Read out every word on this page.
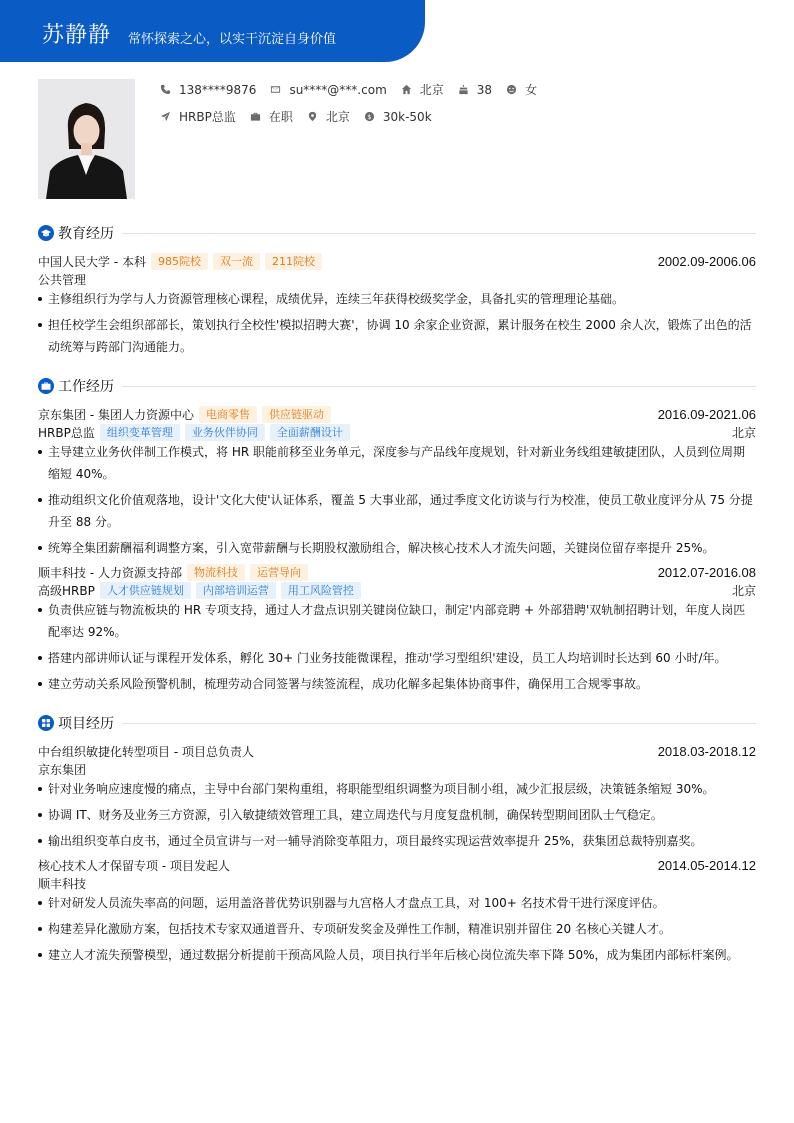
苏静静 常怀探索之心，以实干沉淀自身价值
138****9876	su****@***.com	北京	38	女
HRBP总监	在职	北京 $ 30k-50k
教育经历
中国人民大学 - 本科	985院校	双一流	211院校	2002.09-2006.06
公共管理
主修组织行为学与人力资源管理核心课程，成绩优异，连续三年获得校级奖学金，具备扎实的管理理论基础。
担任校学生会组织部部长，策划执行全校性'模拟招聘大赛'，协调 10 余家企业资源，累计服务在校生 2000 余人次，锻炼了出色的活动统筹与跨部门沟通能力。
工作经历
京东集团 - 集团人力资源中心	电商零售	供应链驱动	2016.09-2021.06
HRBP总监	组织变革管理	业务伙伴协同	全面薪酬设计	北京
主导建立业务伙伴制工作模式，将 HR 职能前移至业务单元，深度参与产品线年度规划，针对新业务线组建敏捷团队，人员到位周期缩短 40%。
推动组织文化价值观落地，设计'文化大使'认证体系，覆盖 5 大事业部，通过季度文化访谈与行为校准，使员工敬业度评分从 75 分提升至 88 分。
统筹全集团薪酬福利调整方案，引入宽带薪酬与长期股权激励组合，解决核心技术人才流失问题，关键岗位留存率提升 25%。
顺丰科技 - 人力资源支持部	物流科技	运营导向	2012.07-2016.08
高级HRBP	人才供应链规划	内部培训运营	用工风险管控	北京
负责供应链与物流板块的 HR 专项支持，通过人才盘点识别关键岗位缺口，制定'内部竞聘 + 外部猎聘'双轨制招聘计划，年度人岗匹配率达 92%。
搭建内部讲师认证与课程开发体系，孵化 30+ 门业务技能微课程，推动'学习型组织'建设，员工人均培训时长达到 60 小时/年。
建立劳动关系风险预警机制，梳理劳动合同签署与续签流程，成功化解多起集体协商事件，确保用工合规零事故。
项目经历
中台组织敏捷化转型项目 - 项目总负责人	2018.03-2018.12
京东集团
针对业务响应速度慢的痛点，主导中台部门架构重组，将职能型组织调整为项目制小组，减少汇报层级，决策链条缩短 30%。
协调 IT、财务及业务三方资源，引入敏捷绩效管理工具，建立周迭代与月度复盘机制，确保转型期间团队士气稳定。
输出组织变革白皮书，通过全员宣讲与一对一辅导消除变革阻力，项目最终实现运营效率提升 25%，获集团总裁特别嘉奖。
核心技术人才保留专项 - 项目发起人	2014.05-2014.12
顺丰科技
针对研发人员流失率高的问题，运用盖洛普优势识别器与九宫格人才盘点工具，对 100+ 名技术骨干进行深度评估。
构建差异化激励方案，包括技术专家双通道晋升、专项研发奖金及弹性工作制，精准识别并留住 20 名核心关键人才。
建立人才流失预警模型，通过数据分析提前干预高风险人员，项目执行半年后核心岗位流失率下降 50%，成为集团内部标杆案例。
